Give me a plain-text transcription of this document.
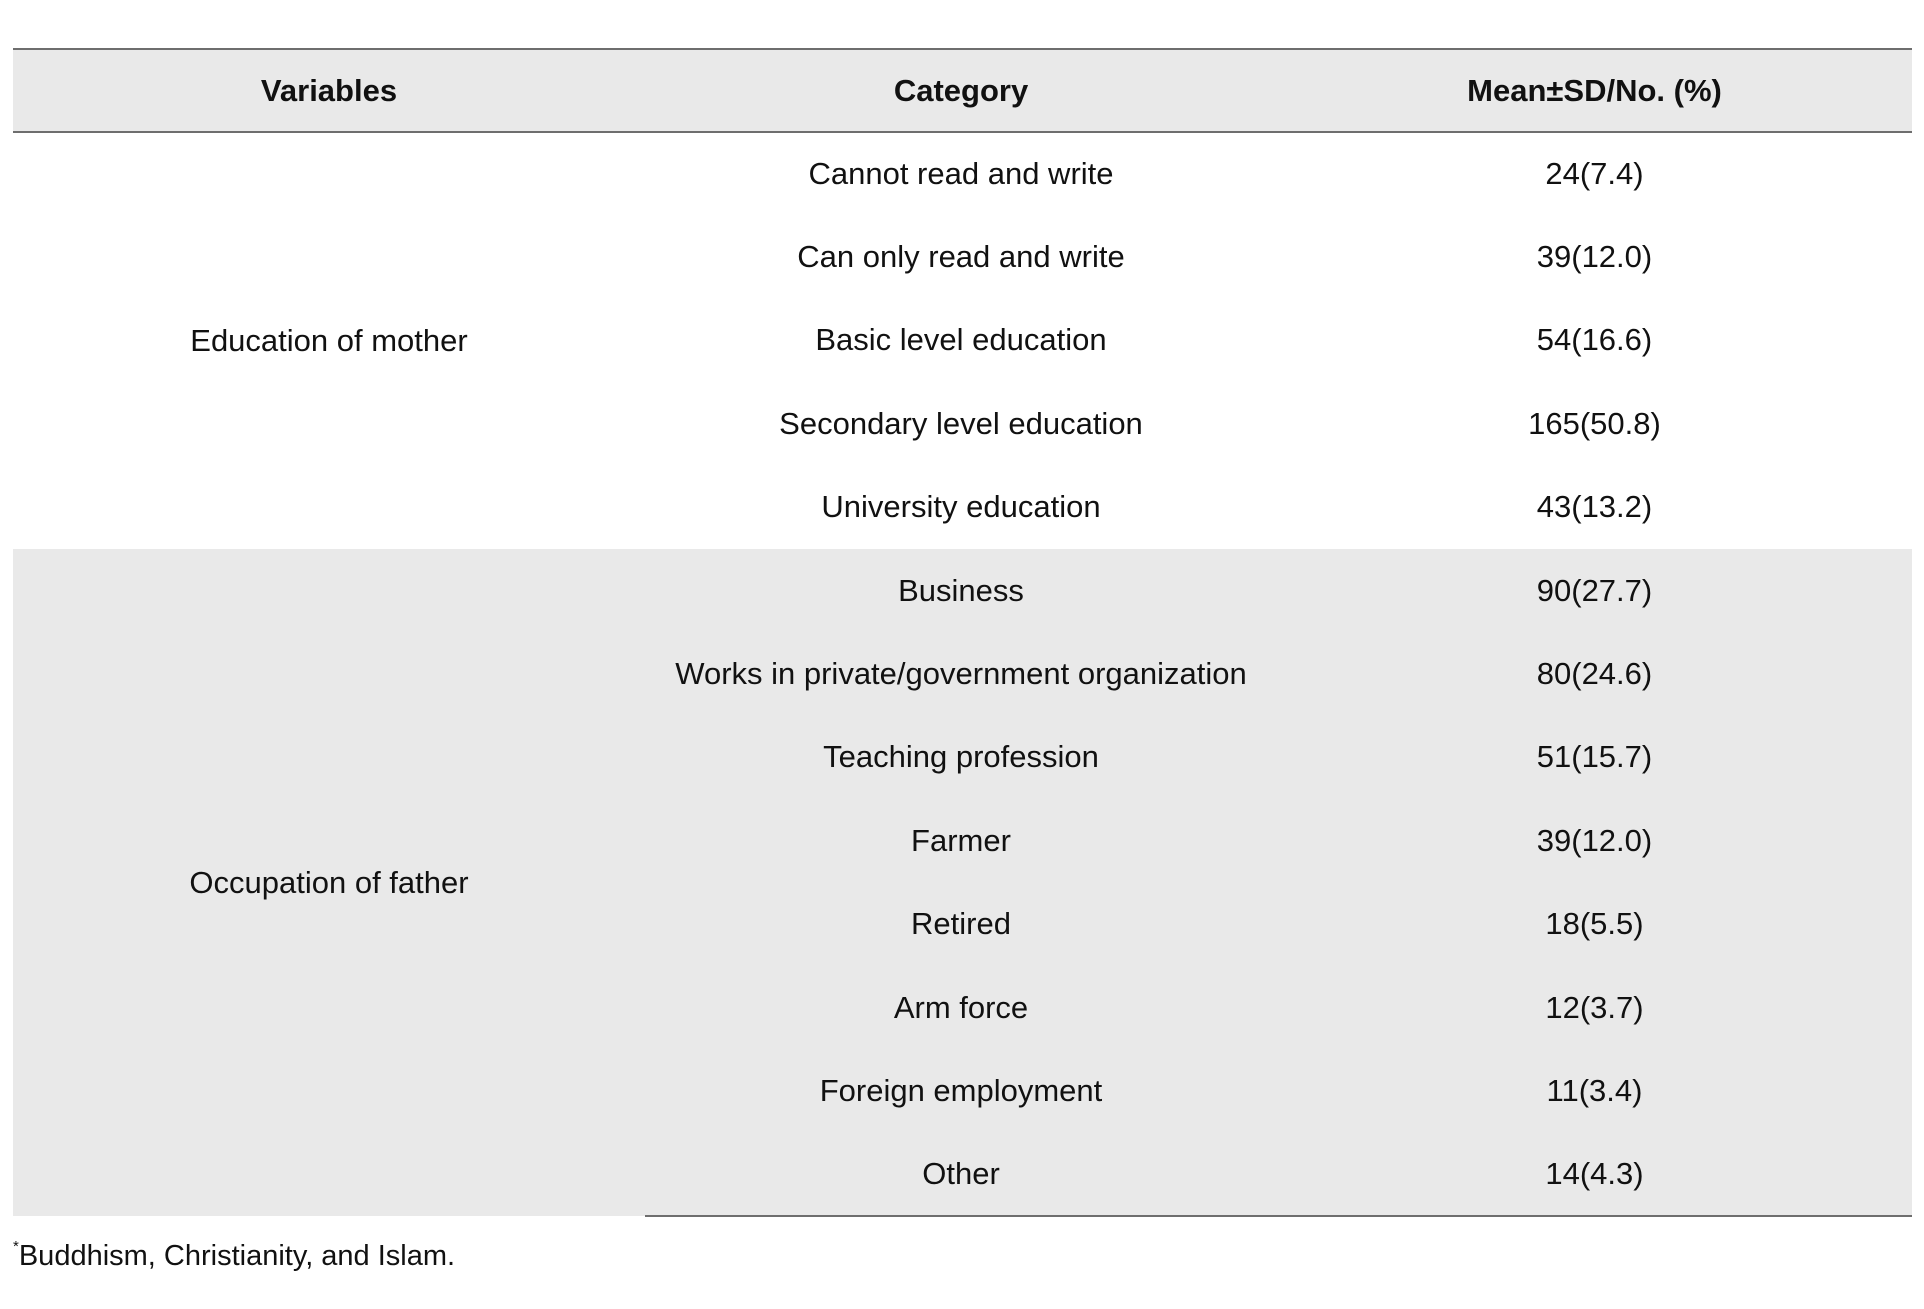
Variables	Category	Mean±SD/No. (%)
Education of mother	Cannot read and write	24(7.4)
	Can only read and write	39(12.0)
	Basic level education	54(16.6)
	Secondary level education	165(50.8)
	University education	43(13.2)
Occupation of father	Business	90(27.7)
	Works in private/government organization	80(24.6)
	Teaching profession	51(15.7)
	Farmer	39(12.0)
	Retired	18(5.5)
	Arm force	12(3.7)
	Foreign employment	11(3.4)
	Other	14(4.3)
*Buddhism, Christianity, and Islam.
